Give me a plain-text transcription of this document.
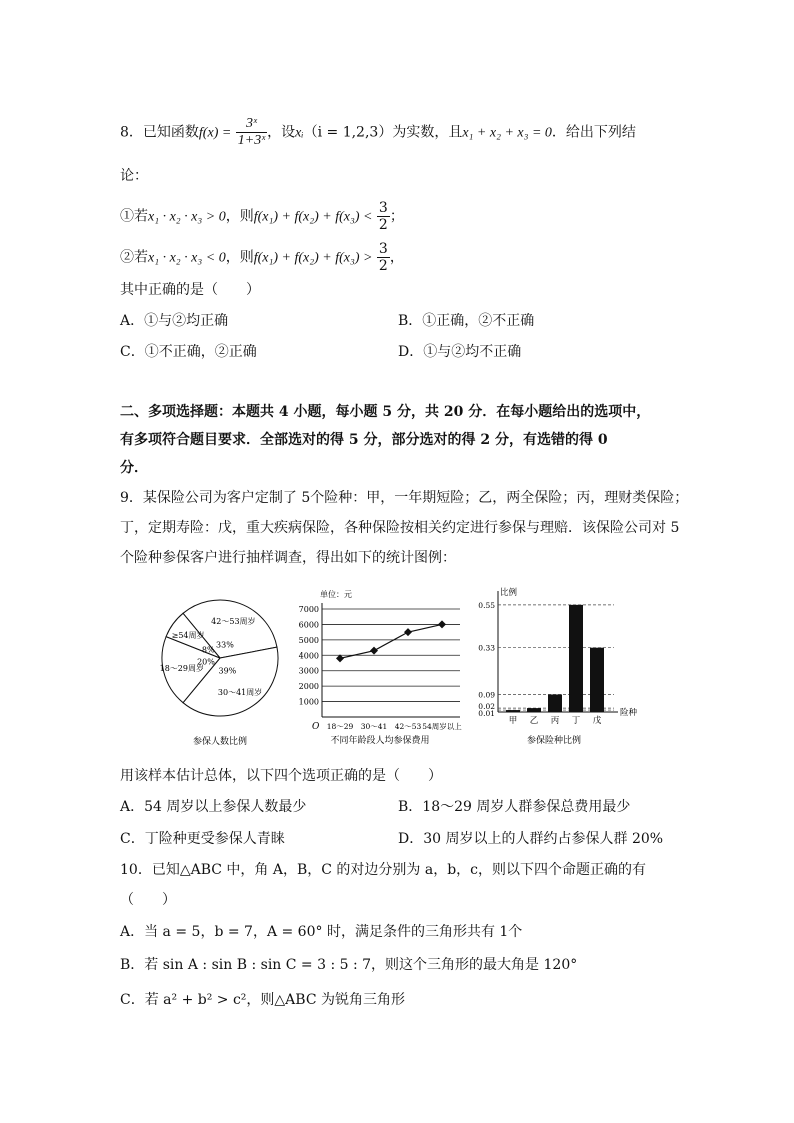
8．已知函数$f(x) = \frac{\text{3ˣ}}{\text{1+3ˣ}}$ ，设xᵢ（i = 1,2,3）为实数，且x₁ + x₂ + x₃ = 0．给出下列结
论：
①若x₁ · x₂ · x₃ > 0，则$f(x_1) + f(x_2) + f(x_3) < \frac{3}{2}$ ；
②若x₁ · x₂ · x₃ < 0，则$f(x_1) + f(x_2) + f(x_3) > \frac{3}{2}$ ，
其中正确的是（　　）
A．①与②均正确	B．①正确，②不正确
C．①不正确，②正确	D．①与②均不正确
二、多项选择题：本题共 4 小题，每小题 5 分，共 20 分．在每小题给出的选项中，
有多项符合题目要求．全部选对的得 5 分，部分选对的得 2 分，有选错的得 0
分．
9．某保险公司为客户定制了 5个险种：甲，一年期短险；乙，两全保险；丙，理财类保险；
丁，定期寿险：戊，重大疾病保险，各种保险按相关约定进行参保与理赔．该保险公司对 5
个险种参保客户进行抽样调查，得出如下的统计图例：
33%
42～53周岁
39%
30～41周岁
20%
18～29周岁
8%
≥54周岁
参保人数比例
单位：元
1000
2000
3000
4000
5000
6000
7000
O 18～29 30～41 42～53 54周岁以上
不同年龄段人均参保费用
比例
险种
0.01
0.02
0.09
0.33
0.55
甲 乙 丙 丁 戊
参保险种比例
用该样本估计总体，以下四个选项正确的是（　　）
A．54 周岁以上参保人数最少	B．18～29 周岁人群参保总费用最少
C．丁险种更受参保人青睐	D．30 周岁以上的人群约占参保人群 20%
10．已知△ABC 中，角 A，B，C 的对边分别为 a，b，c，则以下四个命题正确的有
（　　）
A．当 a = 5，b = 7，A = 60° 时，满足条件的三角形共有 1个
B．若 sin A : sin B : sin C = 3 : 5 : 7，则这个三角形的最大角是 120°
C．若 a² + b² > c²，则△ABC 为锐角三角形
